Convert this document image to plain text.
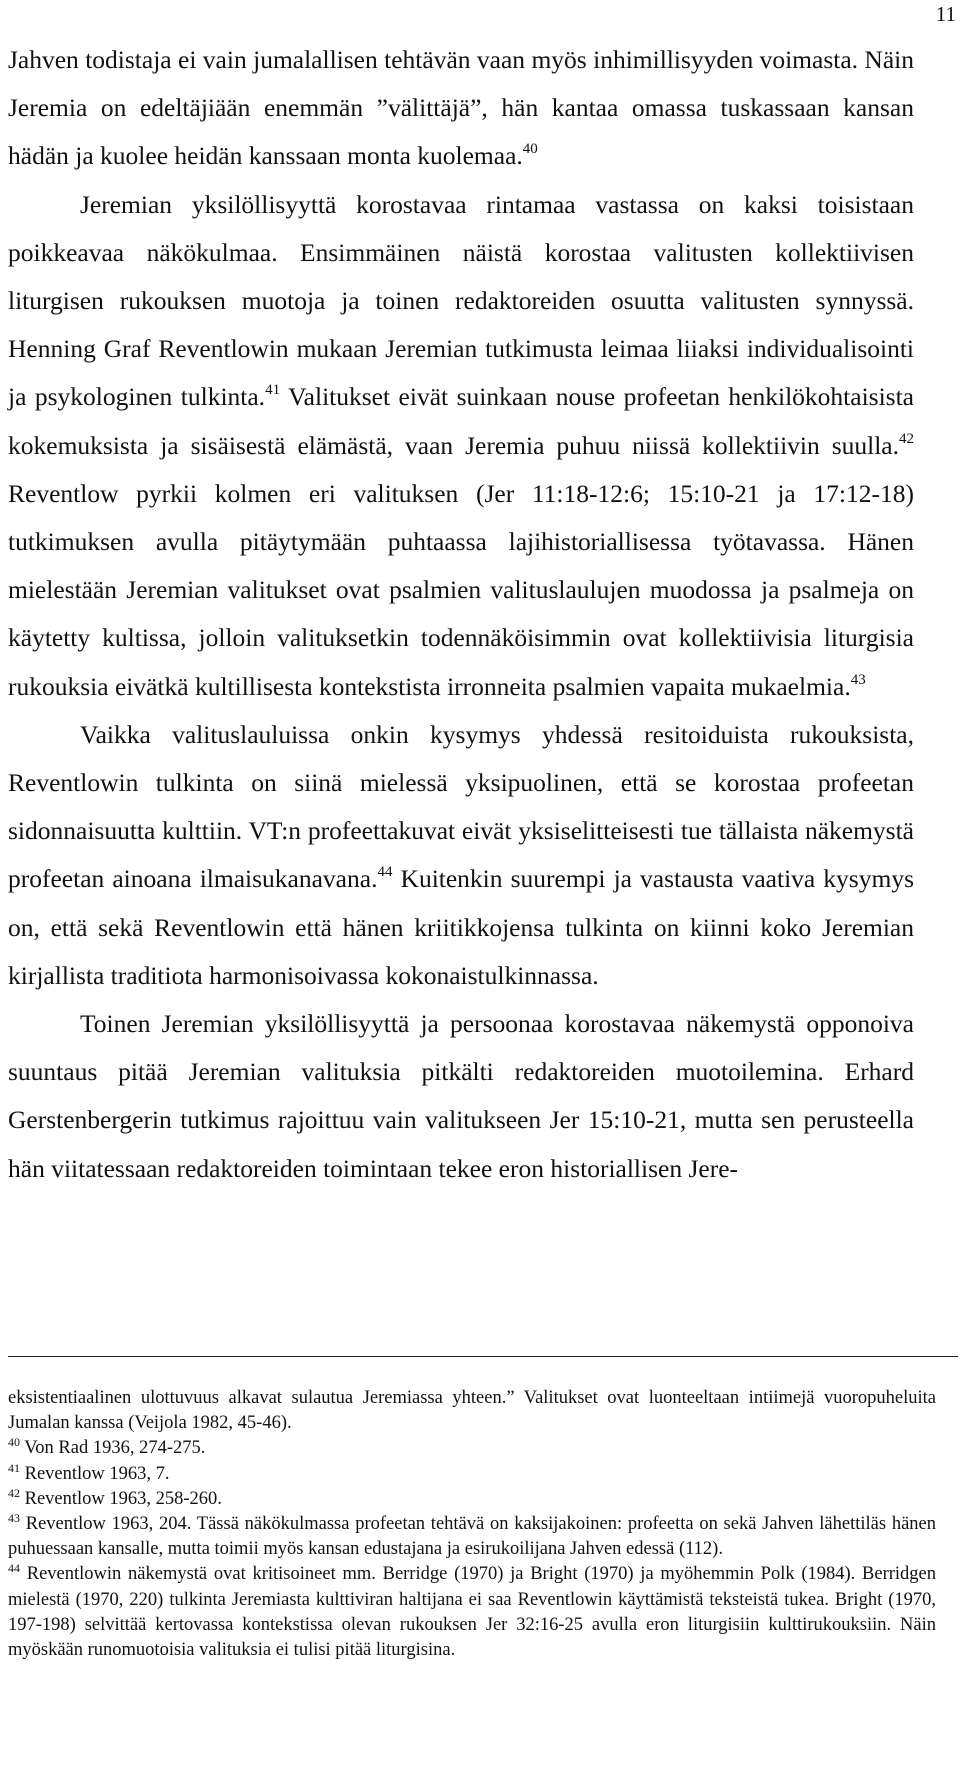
11

Jahven todistaja ei vain jumalallisen tehtävän vaan myös inhimillisyyden voimasta. Näin Jeremia on edeltäjiään enemmän ”välittäjä”, hän kantaa omassa tuskassaan kansan hädän ja kuolee heidän kanssaan monta kuolemaa.$^{40}$

Jeremian yksilöllisyyttä korostavaa rintamaa vastassa on kaksi toisistaan poikkeavaa näkökulmaa. Ensimmäinen näistä korostaa valitusten kollektiivisen liturgisen rukouksen muotoja ja toinen redaktoreiden osuutta valitusten synnyssä. Henning Graf Reventlowin mukaan Jeremian tutkimusta leimaa liiaksi individualisointi ja psykologinen tulkinta.$^{41}$ Valitukset eivät suinkaan nouse profeetan henkilökohtaisista kokemuksista ja sisäisestä elämästä, vaan Jeremia puhuu niissä kollektiivin suulla.$^{42}$ Reventlow pyrkii kolmen eri valituksen (Jer 11:18-12:6; 15:10-21 ja 17:12-18) tutkimuksen avulla pitäytymään puhtaassa lajihistoriallisessa työtavassa. Hänen mielestään Jeremian valitukset ovat psalmien valituslaulujen muodossa ja psalmeja on käytetty kultissa, jolloin valituksetkin todennäköisimmin ovat kollektiivisia liturgisia rukouksia eivätkä kultillisesta kontekstista irronneita psalmien vapaita mukaelmia.$^{43}$

Vaikka valituslauluissa onkin kysymys yhdessä resitoiduista rukouksista, Reventlowin tulkinta on siinä mielessä yksipuolinen, että se korostaa profeetan sidonnaisuutta kulttiin. VT:n profeettakuvat eivät yksiselitteisesti tue tällaista näkemystä profeetan ainoana ilmaisukanavana.$^{44}$ Kuitenkin suurempi ja vastausta vaativa kysymys on, että sekä Reventlowin että hänen kriitikkojensa tulkinta on kiinni koko Jeremian kirjallista traditiota harmonisoivassa kokonaistulkinnassa.

Toinen Jeremian yksilöllisyyttä ja persoonaa korostavaa näkemystä opponoiva suuntaus pitää Jeremian valituksia pitkälti redaktoreiden muotoilemina. Erhard Gerstenbergerin tutkimus rajoittuu vain valitukseen Jer 15:10-21, mutta sen perusteella hän viitatessaan redaktoreiden toimintaan tekee eron historiallisen Jere-

eksistentiaalinen ulottuvuus alkavat sulautua Jeremiassa yhteen.” Valitukset ovat luonteeltaan intiimejä vuoropuheluita Jumalan kanssa (Veijola 1982, 45-46).

$^{40}$ Von Rad 1936, 274-275.

$^{41}$ Reventlow 1963, 7.

$^{42}$ Reventlow 1963, 258-260.

$^{43}$ Reventlow 1963, 204. Tässä näkökulmassa profeetan tehtävä on kaksijakoinen: profeetta on sekä Jahven lähettiläs hänen puhuessaan kansalle, mutta toimii myös kansan edustajana ja esirukoilijana Jahven edessä (112).

$^{44}$ Reventlowin näkemystä ovat kritisoineet mm. Berridge (1970) ja Bright (1970) ja myöhemmin Polk (1984). Berridgen mielestä (1970, 220) tulkinta Jeremiasta kulttiviran haltijana ei saa Reventlowin käyttämistä teksteistä tukea. Bright (1970, 197-198) selvittää kertovassa kontekstissa olevan rukouksen Jer 32:16-25 avulla eron liturgisiin kulttirukouksiin. Näin myöskään runomuotoisia valituksia ei tulisi pitää liturgisina.
